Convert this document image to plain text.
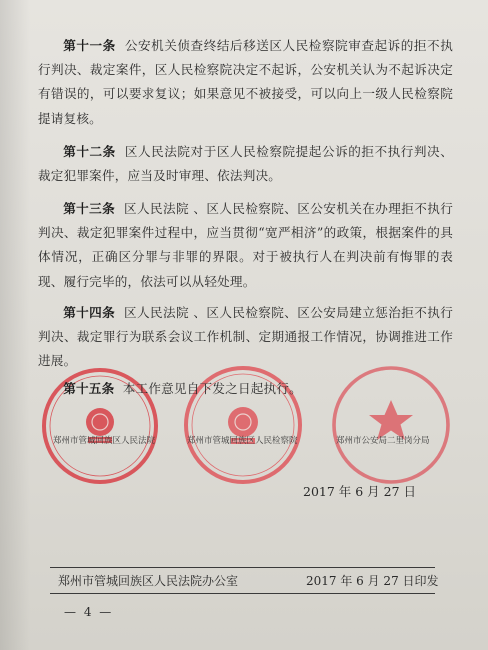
第十一条 公安机关侦查终结后移送区人民检察院审查起诉的拒不执行判决、裁定案件，区人民检察院决定不起诉，公安机关认为不起诉决定有错误的，可以要求复议；如果意见不被接受，可以向上一级人民检察院提请复核。

第十二条 区人民法院对于区人民检察院提起公诉的拒不执行判决、裁定犯罪案件，应当及时审理、依法判决。

第十三条 区人民法院 、区人民检察院、区公安机关在办理拒不执行判决、裁定犯罪案件过程中，应当贯彻“宽严相济”的政策，根据案件的具体情况，正确区分罪与非罪的界限。对于被执行人在判决前有悔罪的表现、履行完毕的，依法可以从轻处理。

第十四条 区人民法院 、区人民检察院、区公安局建立惩治拒不执行判决、裁定罪行为联系会议工作机制、定期通报工作情况，协调推进工作进展。

郑州市管城回族区人民法院	郑州市管城回族区人民检察院	郑州市公安局二里岗分局

第十五条 本工作意见自下发之日起执行。

2017 年 6 月 27 日
郑州市管城回族区人民法院办公室	2017 年 6 月 27 日印发
— 4 —
